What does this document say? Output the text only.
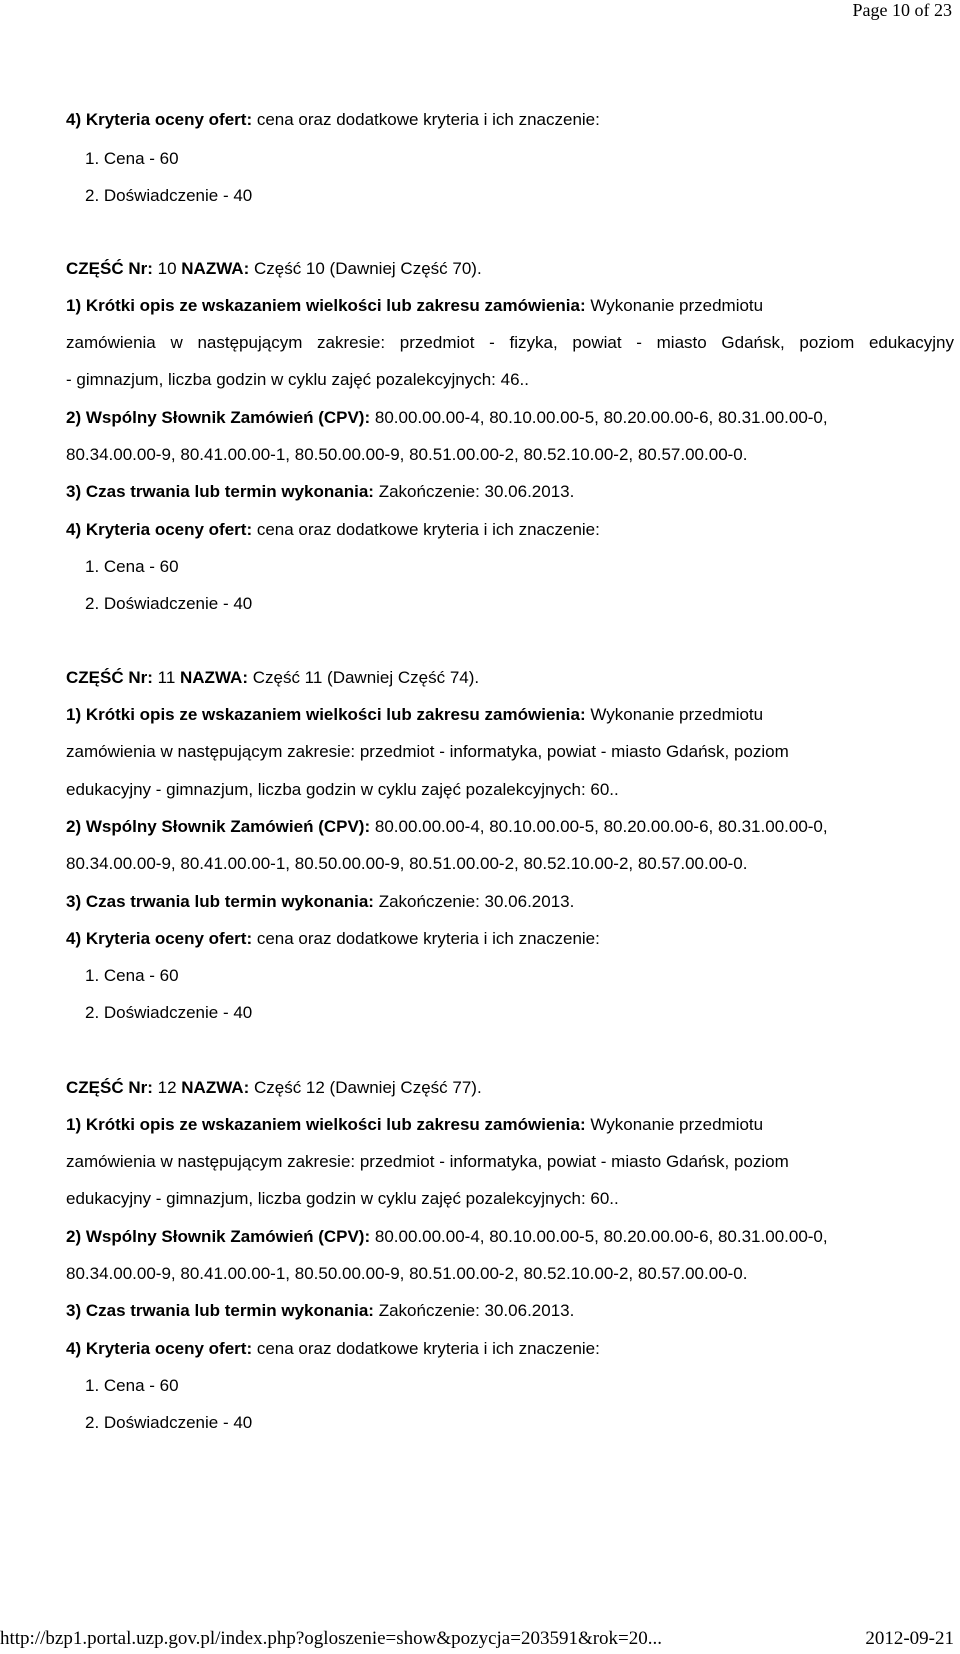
Page 10 of 23
4) Kryteria oceny ofert: cena oraz dodatkowe kryteria i ich znaczenie:
1. Cena - 60
2. Doświadczenie - 40
CZĘŚĆ Nr: 10 NAZWA: Część 10 (Dawniej Część 70).
1) Krótki opis ze wskazaniem wielkości lub zakresu zamówienia: Wykonanie przedmiotu
zamówienia w następującym zakresie: przedmiot - fizyka, powiat - miasto Gdańsk, poziom edukacyjny
- gimnazjum, liczba godzin w cyklu zajęć pozalekcyjnych: 46..
2) Wspólny Słownik Zamówień (CPV): 80.00.00.00-4, 80.10.00.00-5, 80.20.00.00-6, 80.31.00.00-0,
80.34.00.00-9, 80.41.00.00-1, 80.50.00.00-9, 80.51.00.00-2, 80.52.10.00-2, 80.57.00.00-0.
3) Czas trwania lub termin wykonania: Zakończenie: 30.06.2013.
4) Kryteria oceny ofert: cena oraz dodatkowe kryteria i ich znaczenie:
1. Cena - 60
2. Doświadczenie - 40
CZĘŚĆ Nr: 11 NAZWA: Część 11 (Dawniej Część 74).
1) Krótki opis ze wskazaniem wielkości lub zakresu zamówienia: Wykonanie przedmiotu
zamówienia w następującym zakresie: przedmiot - informatyka, powiat - miasto Gdańsk, poziom
edukacyjny - gimnazjum, liczba godzin w cyklu zajęć pozalekcyjnych: 60..
2) Wspólny Słownik Zamówień (CPV): 80.00.00.00-4, 80.10.00.00-5, 80.20.00.00-6, 80.31.00.00-0,
80.34.00.00-9, 80.41.00.00-1, 80.50.00.00-9, 80.51.00.00-2, 80.52.10.00-2, 80.57.00.00-0.
3) Czas trwania lub termin wykonania: Zakończenie: 30.06.2013.
4) Kryteria oceny ofert: cena oraz dodatkowe kryteria i ich znaczenie:
1. Cena - 60
2. Doświadczenie - 40
CZĘŚĆ Nr: 12 NAZWA: Część 12 (Dawniej Część 77).
1) Krótki opis ze wskazaniem wielkości lub zakresu zamówienia: Wykonanie przedmiotu
zamówienia w następującym zakresie: przedmiot - informatyka, powiat - miasto Gdańsk, poziom
edukacyjny - gimnazjum, liczba godzin w cyklu zajęć pozalekcyjnych: 60..
2) Wspólny Słownik Zamówień (CPV): 80.00.00.00-4, 80.10.00.00-5, 80.20.00.00-6, 80.31.00.00-0,
80.34.00.00-9, 80.41.00.00-1, 80.50.00.00-9, 80.51.00.00-2, 80.52.10.00-2, 80.57.00.00-0.
3) Czas trwania lub termin wykonania: Zakończenie: 30.06.2013.
4) Kryteria oceny ofert: cena oraz dodatkowe kryteria i ich znaczenie:
1. Cena - 60
2. Doświadczenie - 40
http://bzp1.portal.uzp.gov.pl/index.php?ogloszenie=show&pozycja=203591&rok=20...	2012-09-21
